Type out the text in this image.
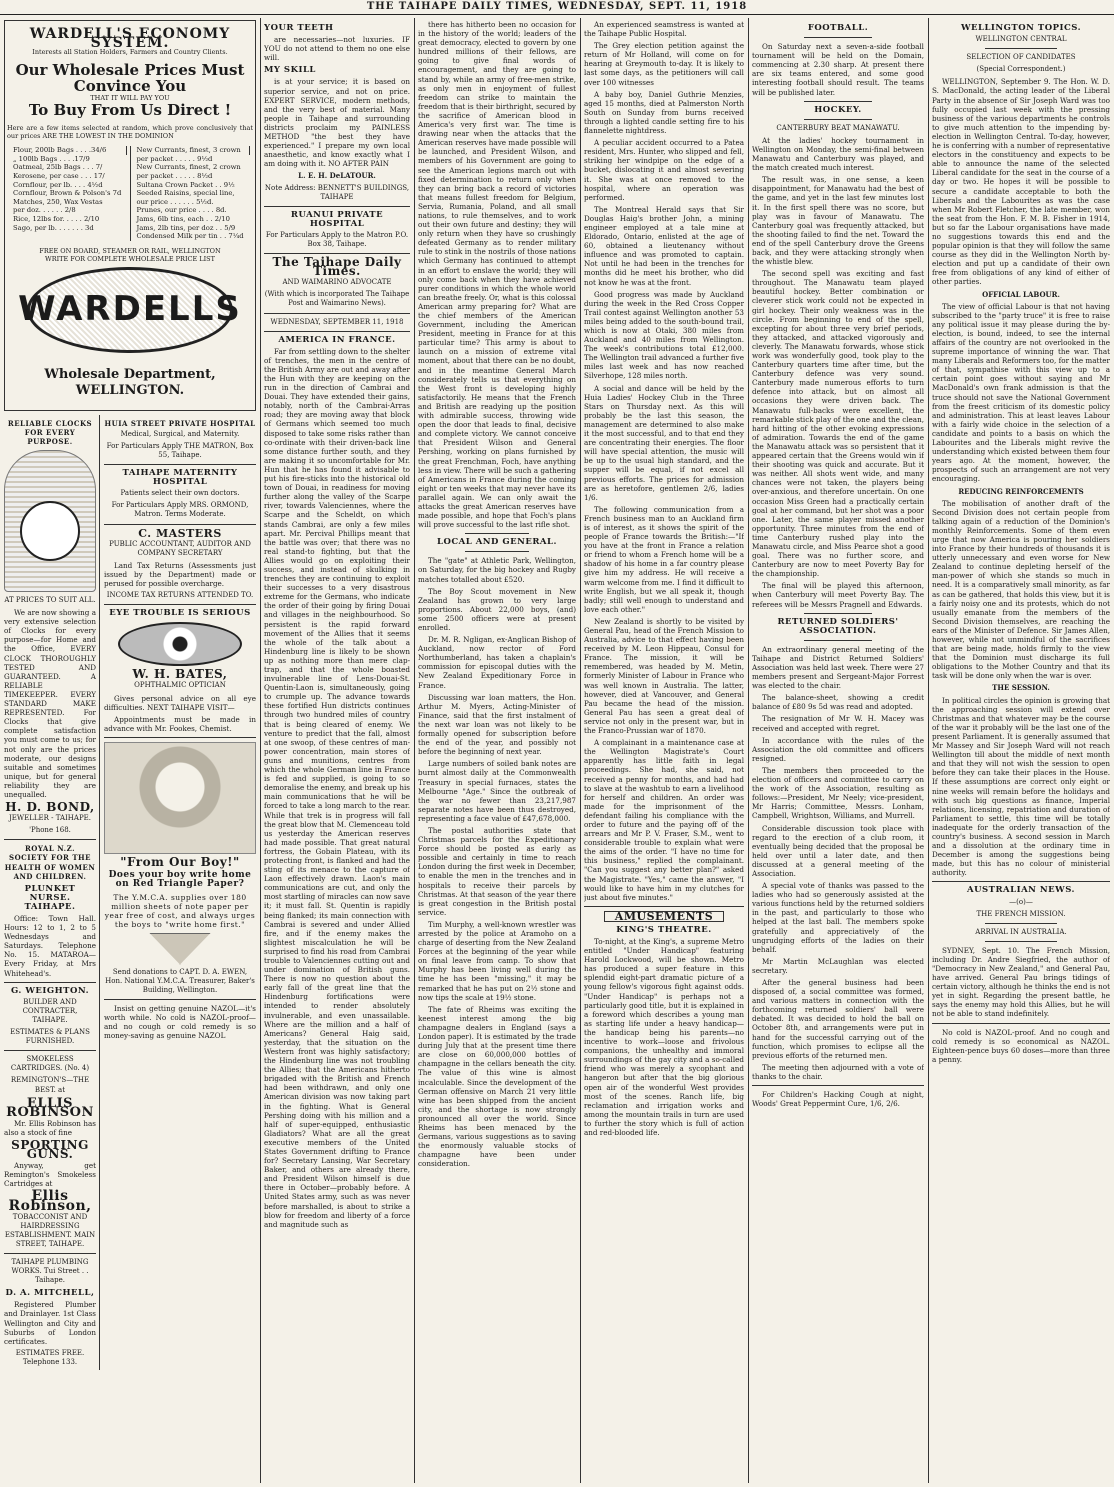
THE TAIHAPE DAILY TIMES, WEDNESDAY, SEPT. 11, 1918
WARDELL'S ECONOMY SYSTEM.
Interests all Station Holders, Farmers and Country Clients.
Our Wholesale Prices Must
Convince You
THAT IT WILL PAY YOU
To Buy From Us Direct !
Here are a few items selected at random, which prove conclusively that our prices ARE THE LOWEST IN THE DOMINION
Flour, 200lb Bags . . . .34/6
„ 100lb Bags . . . .17/9
Oatmeal, 25lb Bags . . . 7/
Kerosene, per case . . . 17/
Cornflour, per lb. . . . 4½d
Cornflour, Brown & Polson's 7d
Matches, 250, Wax Vestas
per doz. . . . . . 2/8
Rice, 12lbs for. . . . . 2/10
Sago, per lb. . . . . . . 3d
New Currants, finest, 3 crown
per packet . . . . . 9½d
New Currants, finest, 2 crown
per packet . . . . . 8½d
Sultana Crown Packet . . 9½
Seeded Raisins, special line,
our price . . . . . . 5½d.
Prunes, our price . . . . 8d.
Jams, 6lb tins, each . . 2/10
Jams, 2lb tins, per doz . . 5/9
Condensed Milk per tin . . 7¼d
FREE ON BOARD, STEAMER OR RAIL, WELLINGTON
WRITE FOR COMPLETE WHOLESALE PRICE LIST
WARDELLS
Wholesale Department,
WELLINGTON.
RELIABLE CLOCKS FOR EVERY PURPOSE.
AT PRICES TO SUIT ALL.

We are now showing a very extensive selection of Clocks for every purpose—for Home and the Office, EVERY CLOCK THOROUGHLY TESTED AND GUARANTEED. A RELIABLE TIMEKEEPER. EVERY STANDARD MAKE REPRESENTED. For Clocks that give complete satisfaction you must come to us; for not only are the prices moderate, our designs suitable and sometimes unique, but for general reliability they are unequalled.

H. D. BOND,
JEWELLER - TAIHAPE.
'Phone 168.
ROYAL N.Z. SOCIETY FOR THE HEALTH OF WOMEN AND CHILDREN.
PLUNKET NURSE. TAIHAPE.

Office: Town Hall. Hours: 12 to 1, 2 to 5 Wednesdays and Saturdays. Telephone No. 15. MATAROA—Every Friday, at Mrs Whitehead's.

G. WEIGHTON.
BUILDER AND CONTRACTER, TAIHAPE.
ESTIMATES & PLANS FURNISHED.
SMOKELESS CARTRIDGES. (No. 4)
REMINGTON'S—THE BEST. at
ELLIS ROBINSON

Mr. Ellis Robinson has also a stock of fine

SPORTING GUNS.

Anyway, get Remington's Smokeless Cartridges at

Ellis Robinson,
TOBACCONIST AND HAIRDRESSING ESTABLISHMENT. MAIN STREET, TAIHAPE.
TAIHAPE PLUMBING WORKS. Tui Street . . Taihape.
D. A. MITCHELL,

Registered Plumber and Drainlayer. 1st Class Wellington and City and Suburbs of London certificates.

ESTIMATES FREE. Telephone 133.
HUIA STREET PRIVATE HOSPITAL
Medical, Surgical, and Maternity.
For Particulars Apply THE MATRON, Box 55, Taihape.
TAIHAPE MATERNITY HOSPITAL
Patients select their own doctors.
For Particulars Apply MRS. ORMOND, Matron. Terms Moderate.
C. MASTERS
PUBLIC ACCOUNTANT, AUDITOR AND COMPANY SECRETARY

Land Tax Returns (Assessments just issued by the Department) made or perused for possible overcharge.

INCOME TAX RETURNS ATTENDED TO.
EYE TROUBLE IS SERIOUS
W. H. BATES,
OPHTHALMIC OPTICIAN

Gives personal advice on all eye difficulties. NEXT TAIHAPE VISIT—

Appointments must be made in advance with Mr. Fookes, Chemist.

"From Our Boy!"
Does your boy write home on Red Triangle Paper?
The Y.M.C.A. supplies over 180 million sheets of note paper per year free of cost, and always urges the boys to "write home first."
Send donations to CAPT. D. A. EWEN, Hon. National Y.M.C.A. Treasurer, Baker's Building, Wellington.

Insist on getting genuine NAZOL—it's worth while. No cold is NAZOL-proof—and no cough or cold remedy is so money-saving as genuine NAZOL

YOUR TEETH

are necessaries—not luxuries. IF YOU do not attend to them no one else will.

MY SKILL

is at your service; it is based on superior service, and not on price. EXPERT SERVICE, modern methods, and the very best of material. Many people in Taihape and surrounding districts proclaim my PAINLESS METHOD "the best they have experienced." I prepare my own local anaesthetic, and know exactly what I am doing with it. NO AFTER PAIN

L. E. H. DeLATOUR.
Note Address: BENNETT'S BUILDINGS, TAIHAPE
RUANUI PRIVATE HOSPITAL
For Particulars Apply to the Matron P.O. Box 38, Taihape.
The Taihape Daily Times.
AND WAIMARINO ADVOCATE
(With which is incorporated The Taihape Post and Waimarino News).
WEDNESDAY, SEPTEMBER 11, 1918
AMERICA IN FRANCE.

Far from settling down to the shelter of trenches, the men in the centre of the British Army are out and away after the Hun with they are keeping on the run in the direction of Cambrai and Douai. They have extended their gains, notably, north of the Cambrai-Arras road; they are moving away that block of Germans which seemed too much disposed to take some risks rather than co-ordinate with their driven-back line some distance further south, and they are making it so uncomfortable for Mr. Hun that he has found it advisable to put his fire-sticks into the historical old town of Douai, in readiness for moving further along the valley of the Scarpe river, towards Valenciennes, where the Scarpe and the Scheldt, on which stands Cambrai, are only a few miles apart. Mr. Percival Phillips meant that the battle was over; that there was no real stand-to fighting, but that the Allies would go on exploiting their success, and instead of skulking in trenches they are continuing to exploit their successes to a very disastrous extreme for the Germans, who indicate the order of their going by firing Douai and villages in the neighbourhood. So persistent is the rapid forward movement of the Allies that it seems the whole of the talk about a Hindenburg line is likely to be shown up as nothing more than mere clap-trap, and that the whole boasted invulnerable line of Lens-Douai-St. Quentin-Laon is, simultaneously, going to crumple up. The advance towards these fortified Hun districts continues through two hundred miles of country that is being cleared of enemy. We venture to predict that the fall, almost at one swoop, of these centres of man-power concentration, main stores of guns and munitions, centres from which the whole German line in France is fed and supplied, is going to so demoralise the enemy, and break up his main communications that he will be forced to take a long march to the rear. While that trek is in progress will fall the great blow that M. Clemenceau told us yesterday the American reserves had made possible. That great natural fortress, the Gobain Plateau, with its protecting front, is flanked and had the sting of its menace to the capture of Laon effectively drawn. Laon's main communications are cut, and only the most startling of miracles can now save it; it must fall. St. Quentin is rapidly being flanked; its main connection with Cambrai is severed and under Allied fire, and if the enemy makes the slightest miscalculation he will be surprised to find his road from Cambrai trouble to Valenciennes cutting out and under domination of British guns. There is now no question about the early fall of the great line that the Hindenburg fortifications were intended to render absolutely invulnerable, and even unassailable. Where are the million and a half of Americans? General Haig said, yesterday, that the situation on the Western front was highly satisfactory; the Hindenburg line was not troubling the Allies; that the Americans hitherto brigaded with the British and French had been withdrawn, and only one American division was now taking part in the fighting. What is General Pershing doing with his million and a half of super-equipped, enthusiastic Gladiators? What are all the great executive members of the United States Government drifting to France for? Secretary Lansing, War Secretary Baker, and others are already there, and President Wilson himself is due there in October—probably before. A United States army, such as was never before marshalled, is about to strike a blow for freedom and liberty of a force and magnitude such as

there has hitherto been no occasion for in the history of the world; leaders of the great democracy, elected to govern by one hundred millions of their fellows, are going to give final words of encouragement, and they are going to stand by, while an army of free-men strike, as only men in enjoyment of fullest freedom can strike to maintain the freedom that is their birthright, secured by the sacrifice of American blood in America's very first war. The time is drawing near when the attacks that the American reserves have made possible will be launched, and President Wilson, and members of his Government are going to see the American legions march out with fixed determination to return only when they can bring back a record of victories that means fullest freedom for Belgium, Servia, Rumania, Poland, and all small nations, to rule themselves, and to work out their own future and destiny; they will only return when they have so crushingly defeated Germany as to render military rule to stink in the nostrils of those nations which Germany has continued to attempt in an effort to enslave the world; they will only come back when they have achieved purer conditions in which the whole world can breathe freely. Or, what is this colossal American army preparing for? What are the chief members of the American Government, including the American President, meeting in France for at this particular time? This army is about to launch on a mission of extreme vital moment, about that there can be no doubt, and in the meantime General March considerately tells us that everything on the West front is developing highly satisfactorily. He means that the French and British are readying up the position with admirable success, throwing wide open the door that leads to final, decisive and complete victory. We cannot conceive that President Wilson and General Pershing, working on plans furnished by the great Frenchman, Foch, have anything less in view. There will be such a gathering of Americans in France during the coming eight or ten weeks that may never have its parallel again. We can only await the attacks the great American reserves have made possible, and hope that Foch's plans will prove successful to the last rifle shot.

LOCAL AND GENERAL.

The "gate" at Athletic Park, Wellington, on Saturday, for the big hockey and Rugby matches totalled about £520.

The Boy Scout movement in New Zealand has grown to very large proportions. About 22,000 boys, (and) some 2500 officers were at present enrolled.

Dr. M. R. Ngligan, ex-Anglican Bishop of Auckland, now rector of Ford Northumberland, has taken a chaplain's commission for episcopal duties with the New Zealand Expeditionary Force in France.

Discussing war loan matters, the Hon. Arthur M. Myers, Acting-Minister of Finance, said that the first instalment of the next war loan was not likely to be formally opened for subscription before the end of the year, and possibly not before the beginning of next year.

Large numbers of soiled bank notes are burnt almost daily at the Commonwealth Treasury in special furnaces, states the Melbourne "Age." Since the outbreak of the war no fewer than 23,217,987 separate notes have been thus destroyed, representing a face value of £47,678,000.

The postal authorities state that Christmas parcels for the Expeditionary Force should be posted as early as possible and certainly in time to reach London during the first week in December, to enable the men in the trenches and in hospitals to receive their parcels by Christmas. At that season of the year there is great congestion in the British postal service.

Tim Murphy, a well-known wrestler was arrested by the police at Aramoho on a charge of deserting from the New Zealand Forces at the beginning of the year while on final leave from camp. To show that Murphy has been living well during the time he has been "missing," it may be remarked that he has put on 2½ stone and now tips the scale at 19½ stone.

The fate of Rheims was exciting the keenest interest among the big champagne dealers in England (says a London paper). It is estimated by the trade during July that at the present time there are close on 60,000,000 bottles of champagne in the cellars beneath the city. The value of this wine is almost incalculable. Since the development of the German offensive on March 21 very little wine has been shipped from the ancient city, and the shortage is now strongly pronounced all over the world. Since Rheims has been menaced by the Germans, various suggestions as to saving the enormously valuable stocks of champagne have been under consideration.

An experienced seamstress is wanted at the Taihape Public Hospital.

The Grey election petition against the return of Mr Holland, will come on for hearing at Greymouth to-day. It is likely to last some days, as the petitioners will call over 100 witnesses

A baby boy, Daniel Guthrie Menzies, aged 15 months, died at Palmerston North South on Sunday from burns received through a lighted candle setting fire to his flannelette nightdress.

A peculiar accident occurred to a Patea resident, Mrs. Hunter, who slipped and fell, striking her windpipe on the edge of a bucket, dislocating it and almost severing it. She was at once removed to the hospital, where an operation was performed.

The Montreal Herald says that Sir Douglas Haig's brother John, a mining engineer employed at a tale mine at Eldorado, Ontario, enlisted at the age of 60, obtained a lieutenancy without influence and was promoted to captain. Not until he had been in the trenches for months did he meet his brother, who did not know he was at the front.

Good progress was made by Auckland during the week in the Red Cross Copper Trail contest against Wellington another 53 miles being added to the south-bound trail, which is now at Otaki, 380 miles from Auckland and 40 miles from Wellington. The week's contributions total £12,000. The Wellington trail advanced a further five miles last week and has now reached Silverhope, 128 miles north.

A social and dance will be held by the Huia Ladies' Hockey Club in the Three Stars on Thursday next. As this will probably be the last this season, the management are determined to also make it the most successful, and to that end they are concentrating their energies. The floor will have special attention, the music will be up to the usual high standard, and the supper will be equal, if not excel all previous efforts. The prices for admission are as heretofore, gentlemen 2/6, ladies 1/6.

The following communication from a French business man to an Auckland firm is of interest, as it shows the spirit of the people of France towards the British:—"If you have at the front in France a relation or friend to whom a French home will be a shadow of his home in a far country please give him my address. He will receive a warm welcome from me. I find it difficult to write English, but we all speak it, though badly; still well enough to understand and love each other."

New Zealand is shortly to be visited by General Pau, head of the French Mission to Australia, advice to that effect having been received by M. Leon Hippeau, Consul for France. The mission, it will be remembered, was headed by M. Metin, formerly Minister of Labour in France who was well known in Australia. The latter, however, died at Vancouver, and General Pau became the head of the mission. General Pau has seen a great deal of service not only in the present war, but in the Franco-Prussian war of 1870.

A complainant in a maintenance case at the Wellington Magistrate's Court apparently has little faith in legal proceedings. She had, she said, not received a penny for months, and had had to slave at the washtub to earn a livelihood for herself and children. An order was made for the imprisonment of the defendant failing his compliance with the order to future and the paying off of the arrears and Mr P. V. Fraser, S.M., went to considerable trouble to explain what were the aims of the order. "I have no time for this business," replied the complainant. "Can you suggest any better plan?" asked the Magistrate. "Yes," came the answer, "I would like to have him in my clutches for just about five minutes."

AMUSEMENTS
KING'S THEATRE.

To-night, at the King's, a supreme Metro entitled "Under Handicap" featuring Harold Lockwood, will be shown. Metro has produced a super feature in this splendid eight-part dramatic picture of a young fellow's vigorous fight against odds. "Under Handicap" is perhaps not a particularly good title, but it is explained in a foreword which describes a young man as starting life under a heavy handicap—the handicap being his parents—no incentive to work—loose and frivolous companions, the unhealthy and immoral surroundings of the gay city and a so-called friend who was merely a sycophant and hangeron but after that the big glorious open air of the wonderful West provides most of the scenes. Ranch life, big reclamation and irrigation works and among the mountain trails in turn are used to further the story which is full of action and red-blooded life.

FOOTBALL.

On Saturday next a seven-a-side football tournament will be held on the Domain, commencing at 2.30 sharp. At present there are six teams entered, and some good interesting football should result. The teams will be published later.

HOCKEY.
CANTERBURY BEAT MANAWATU.

At the ladies' hockey tournament in Wellington on Monday, the semi-final between Manawatu and Canterbury was played, and the match created much interest.

The result was, in one sense, a keen disappointment, for Manawatu had the best of the game, and yet in the last few minutes lost it. In the first spell there was no score, but play was in favour of Manawatu. The Canterbury goal was frequently attacked, but the shooting failed to find the net. Toward the end of the spell Canterbury drove the Greens back, and they were attacking strongly when the whistle blew.

The second spell was exciting and fast throughout. The Manawatu team played beautiful hockey. Better combination or cleverer stick work could not be expected in girl hockey. Their only weakness was in the circle. From beginning to end of the spell, excepting for about three very brief periods, they attacked, and attacked vigorously and cleverly. The Manawatu forwards, whose stick work was wonderfully good, took play to the Canterbury quarters time after time, but the Canterbury defence was very sound. Canterbury made numerous efforts to turn defence into attack, but on almost all occasions they were driven back. The Manawatu full-backs were excellent, the remarkable stick play of the one and the clean, hard hitting of the other evoking expressions of admiration. Towards the end of the game the Manawatu attack was so persistent that it appeared certain that the Greens would win if their shooting was quick and accurate. But it was neither. All shots went wide, and many chances were not taken, the players being over-anxious, and therefore uncertain. On one occasion Miss Green had a practically certain goal at her command, but her shot was a poor one. Later, the same player missed another opportunity. Three minutes from the end of time Canterbury rushed play into the Manawatu circle, and Miss Pearce shot a good goal. There was no further score, and Canterbury are now to meet Poverty Bay for the championship.

The final will be played this afternoon, when Canterbury will meet Poverty Bay. The referees will be Messrs Pragnell and Edwards.

RETURNED SOLDIERS' ASSOCIATION.

An extraordinary general meeting of the Taihape and District Returned Soldiers' Association was held last week. There were 27 members present and Sergeant-Major Forrest was elected to the chair.

The balance-sheet, showing a credit balance of £80 9s 5d was read and adopted.

The resignation of Mr W. H. Macey was received and accepted with regret.

In accordance with the rules of the Association the old committee and officers resigned.

The members then proceeded to the election of officers and committee to carry on the work of the Association, resulting as follows:—President, Mr Neely; vice-president, Mr Harris; Committee, Messrs. Lonham, Campbell, Wrightson, Williams, and Murrell.

Considerable discussion took place with regard to the erection of a club room, it eventually being decided that the proposal be held over until a later date, and then discussed at a general meeting of the Association.

A special vote of thanks was passed to the ladies who had so generously assisted at the various functions held by the returned soldiers in the past, and particularly to those who helped at the last ball. The members spoke gratefully and appreciatively of the ungrudging efforts of the ladies on their behalf.

Mr Martin McLaughlan was elected secretary.

After the general business had been disposed of, a social committee was formed, and various matters in connection with the forthcoming returned soldiers' ball were debated. It was decided to hold the ball on October 8th, and arrangements were put in hand for the successful carrying out of the function, which promises to eclipse all the previous efforts of the returned men.

The meeting then adjourned with a vote of thanks to the chair.

For Children's Hacking Cough at night, Woods' Great Peppermint Cure, 1/6, 2/6.

WELLINGTON TOPICS.
WELLINGTON CENTRAL
SELECTION OF CANDIDATES
(Special Correspondent.)

WELLINGTON, September 9. The Hon. W. D. S. MacDonald, the acting leader of the Liberal Party in the absence of Sir Joseph Ward was too fully occupied last week with the pressing business of the various departments he controls to give much attention to the impending by-election in Wellington Central. To-day, however, he is conferring with a number of representative electors in the constituency and expects to be able to announce the name of the selected Liberal candidate for the seat in the course of a day or two. He hopes it will be possible to secure a candidate acceptable to both the Liberals and the Labourites as was the case when Mr Robert Fletcher, the late member, won the seat from the Hon. F. M. B. Fisher in 1914, but so far the Labour organisations have made no suggestions towards this end and the popular opinion is that they will follow the same course as they did in the Wellington North by-election and put up a candidate of their own free from obligations of any kind of either of other parties.

OFFICIAL LABOUR.

The view of official Labour is that not having subscribed to the "party truce" it is free to raise any political issue it may please during the by-election, is bound, indeed, to see the internal affairs of the country are not overlooked in the supreme importance of winning the war. That many Liberals and Reformers too, for the matter of that, sympathise with this view up to a certain point goes without saying and Mr MacDonald's own frank admission is that the truce should not save the National Government from the freest criticism of its domestic policy and administration. This at least leaves Labour with a fairly wide choice in the selection of a candidate and points to a basis on which the Labourites and the Liberals might revive the understanding which existed between them four years ago. At the moment, however, the prospects of such an arrangement are not very encouraging.

REDUCING REINFORCEMENTS

The mobilisation of another draft of the Second Division does not certain people from talking again of a reduction of the Dominion's monthly Reinforcements. Some of them even urge that now America is pouring her soldiers into France by their hundreds of thousands it is utterly unnecessary and even worse for New Zealand to continue depleting herself of the man-power of which she stands so much in need. It is a comparatively small minority, as far as can be gathered, that holds this view, but it is a fairly noisy one and its protests, which do not usually emanate from the members of the Second Division themselves, are reaching the ears of the Minister of Defence. Sir James Allen, however, while not unmindful of the sacrifices that are being made, holds firmly to the view that the Dominion must discharge its full obligations to the Mother Country and that its task will be done only when the war is over.

THE SESSION.

In political circles the opinion is growing that the approaching session will extend over Christmas and that whatever may be the course of the war it probably will be the last one of the present Parliament. It is generally assumed that Mr Massey and Sir Joseph Ward will not reach Wellington till about the middle of next month and that they will not wish the session to open before they can take their places in the House. If these assumptions are correct only eight or nine weeks will remain before the holidays and with such big questions as finance, Imperial relations, licensing, repatriation and duration of Parliament to settle, this time will be totally inadequate for the orderly transaction of the country's business. A second session in March and a dissolution at the ordinary time in December is among the suggestions being made, but this has no colour of ministerial authority.

AUSTRALIAN NEWS.
—(o)—
THE FRENCH MISSION.
ARRIVAL IN AUSTRALIA.

SYDNEY, Sept. 10. The French Mission, including Dr. Andre Siegfried, the author of "Democracy in New Zealand," and General Pau, have arrived. General Pau brings tidings of certain victory, although he thinks the end is not yet in sight. Regarding the present battle, he says the enemy may hold this Allies, but he will not be able to stand indefinitely.

No cold is NAZOL-proof. And no cough and cold remedy is so economical as NAZOL. Eighteen-pence buys 60 doses—more than three a penny.
